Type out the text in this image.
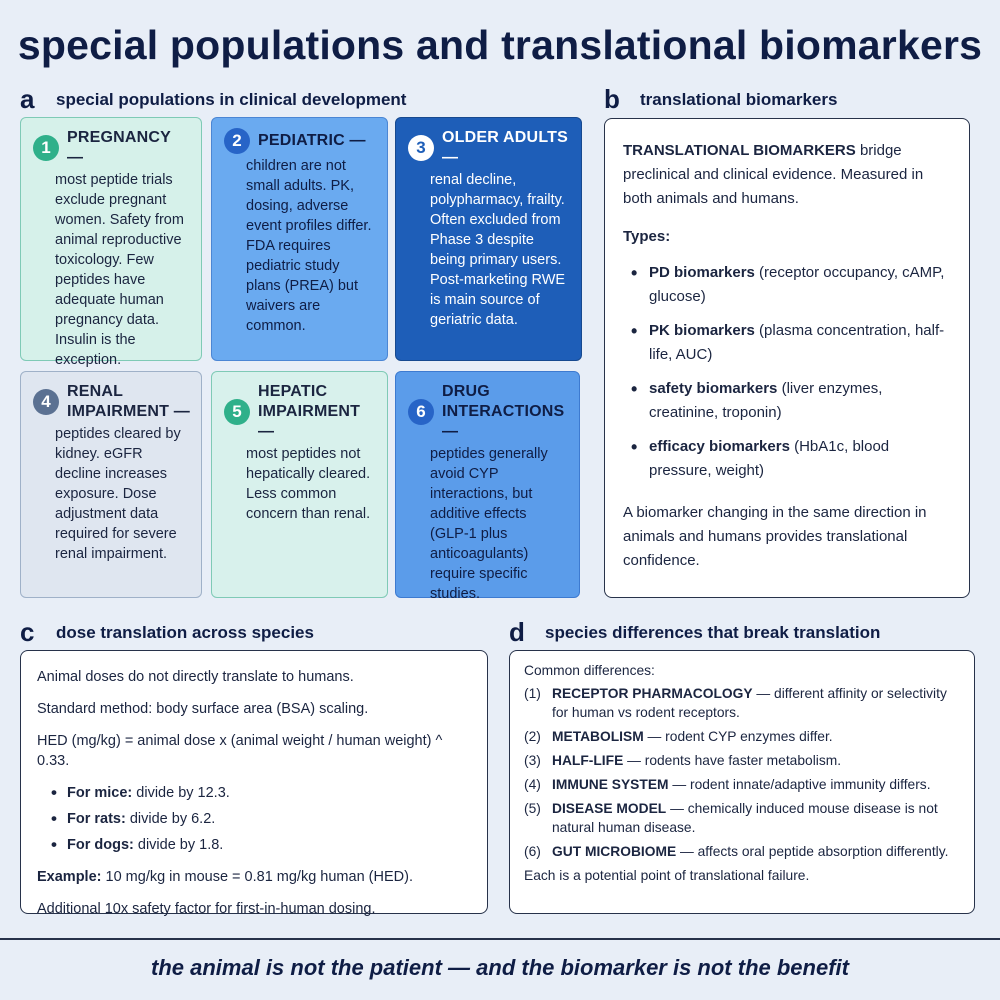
special populations and translational biomarkers
a special populations in clinical development
1
PREGNANCY —
most peptide trials exclude pregnant women. Safety from animal reproductive toxicology. Few peptides have adequate human pregnancy data. Insulin is the exception.
2	PEDIATRIC —
children are not small adults. PK, dosing, adverse event profiles differ. FDA requires pediatric study plans (PREA) but waivers are common.
3
OLDER ADULTS —
renal decline, polypharmacy, frailty. Often excluded from Phase 3 despite being primary users. Post-marketing RWE is main source of geriatric data.
4
RENAL IMPAIRMENT —
peptides cleared by kidney. eGFR decline increases exposure. Dose adjustment data required for severe renal impairment.
5
HEPATIC IMPAIRMENT —
most peptides not hepatically cleared. Less common concern than renal.
6
DRUG INTERACTIONS —
peptides generally avoid CYP interactions, but additive effects (GLP-1 plus anticoagulants) require specific studies.
b translational biomarkers

TRANSLATIONAL BIOMARKERS bridge preclinical and clinical evidence. Measured in both animals and humans.

Types:
• PD biomarkers (receptor occupancy, cAMP, glucose)
• PK biomarkers (plasma concentration, half-life, AUC)
• safety biomarkers (liver enzymes, creatinine, troponin)
• efficacy biomarkers (HbA1c, blood pressure, weight)

A biomarker changing in the same direction in animals and humans provides translational confidence.

c dose translation across species

Animal doses do not directly translate to humans.

Standard method: body surface area (BSA) scaling.

HED (mg/kg) = animal dose x (animal weight / human weight) ^ 0.33.

• For mice: divide by 12.3.
• For rats: divide by 6.2.
• For dogs: divide by 1.8.

Example: 10 mg/kg in mouse = 0.81 mg/kg human (HED).

Additional 10x safety factor for first-in-human dosing.

d species differences that break translation
Common differences:
(1) RECEPTOR PHARMACOLOGY — different affinity or selectivity for human vs rodent receptors.
(2) METABOLISM — rodent CYP enzymes differ.
(3) HALF-LIFE — rodents have faster metabolism.
(4) IMMUNE SYSTEM — rodent innate/adaptive immunity differs.
(5) DISEASE MODEL — chemically induced mouse disease is not natural human disease.
(6) GUT MICROBIOME — affects oral peptide absorption differently.
Each is a potential point of translational failure.
the animal is not the patient — and the biomarker is not the benefit
